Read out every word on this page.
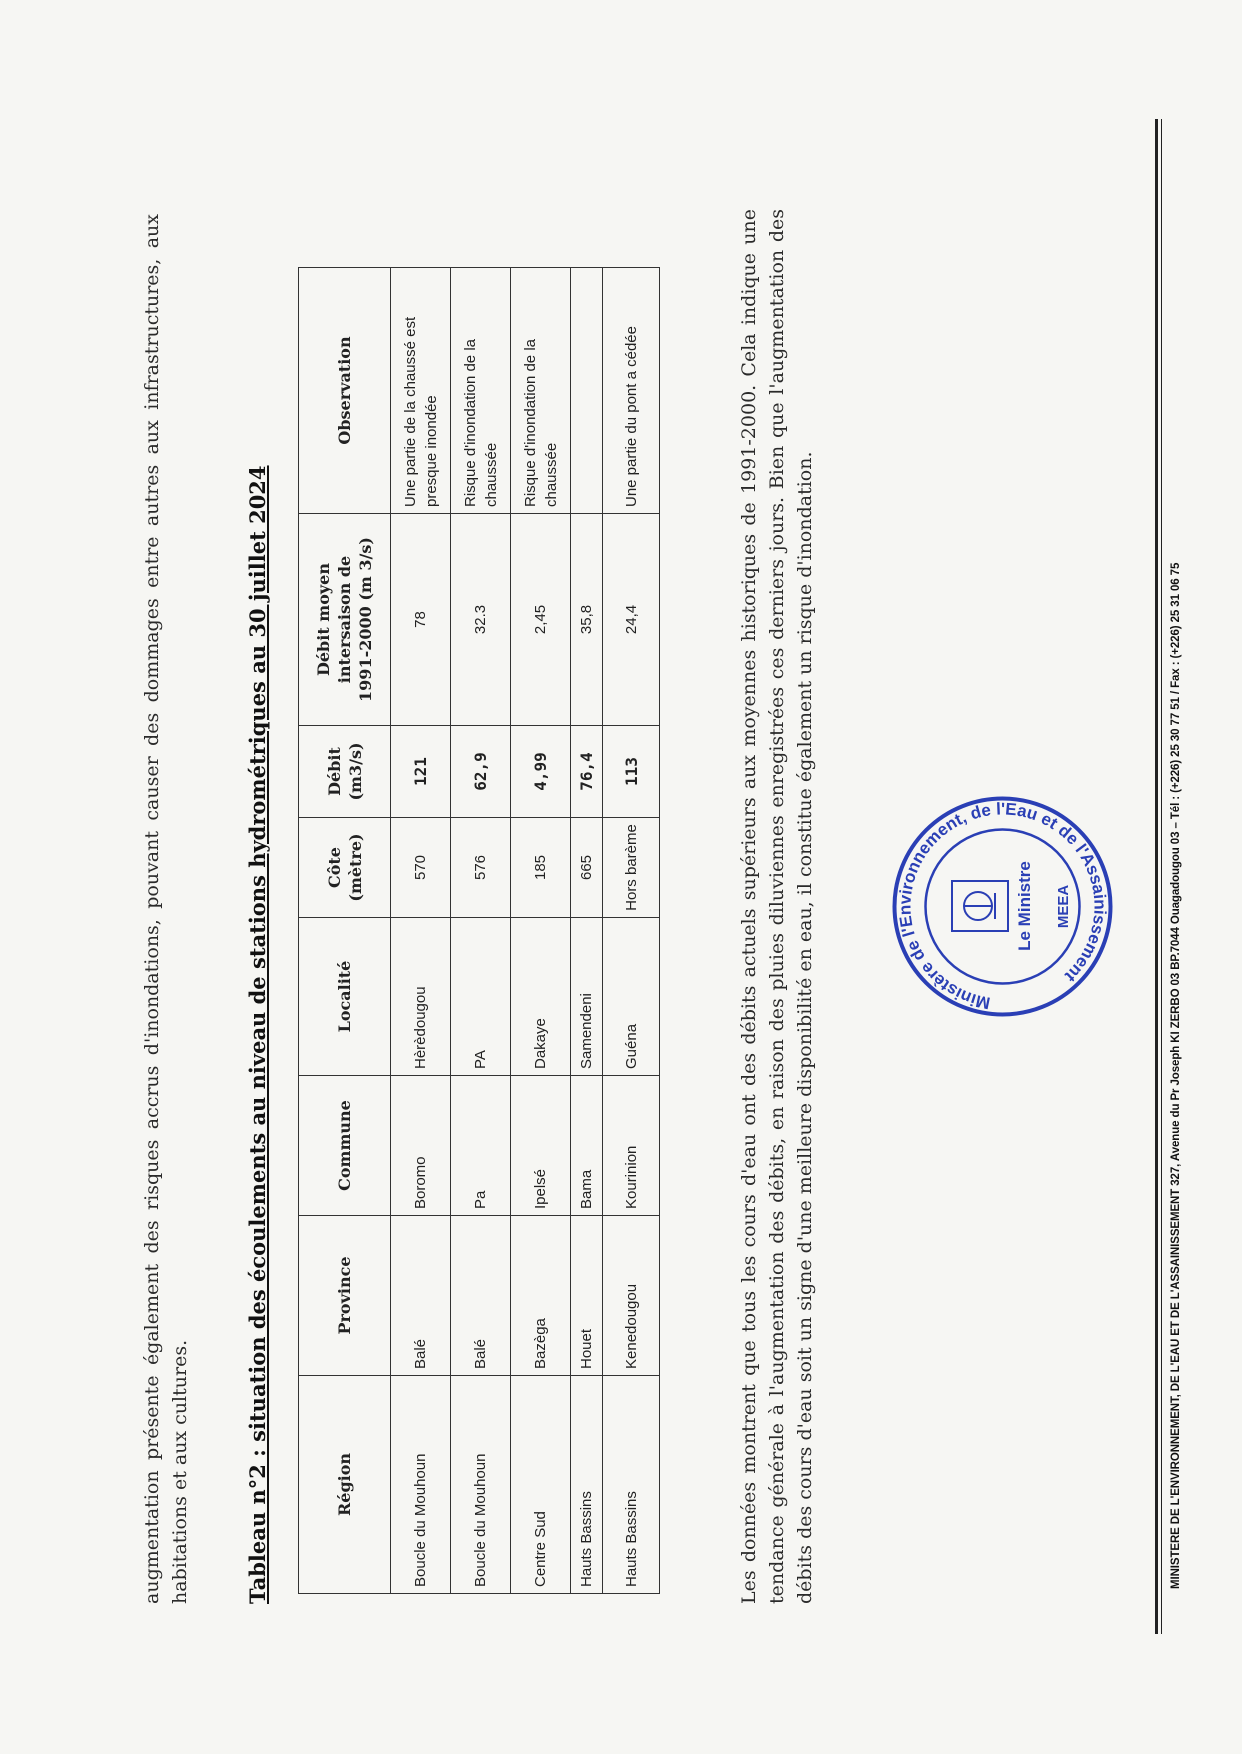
augmentation présente également des risques accrus d'inondations, pouvant causer des dommages entre autres aux infrastructures, aux habitations et aux cultures.	Tableau n°2 : situation des écoulements au niveau de stations hydrométriques au 30 juillet 2024	Région	Province	Commune	Localité	Côte (mètre)	Débit (m3/s)	Débit moyen intersaison de 1991-2000 (m 3/s)	Observation
Boucle du Mouhoun	Balé	Boromo	Hèrèdougou	570	121	78	Une partie de la chaussé est presque inondée
Boucle du Mouhoun	Balé	Pa	PA	576	62,9	32.3	Risque d'inondation de la chaussée
Centre Sud	Bazèga	Ipelsé	Dakaye	185	4,99	2,45	Risque d'inondation de la chaussée
Hauts Bassins	Houet	Bama	Samendeni	665	76,4	35,8	
Hauts Bassins	Kenedougou	Kourinion	Guéna	Hors barème	113	24,4	Une partie du pont a cédée	Les données montrent que tous les cours d'eau ont des débits actuels supérieurs aux moyennes historiques de 1991-2000. Cela indique une tendance générale à l'augmentation des débits, en raison des pluies diluviennes enregistrées ces derniers jours. Bien que l'augmentation des débits des cours d'eau soit un signe d'une meilleure disponibilité en eau, il constitue également un risque d'inondation.	Ministère de l'Environnement, de l'Eau et de l'Assainissement
MEEA
Le Ministre	MINISTERE DE L'ENVIRONNEMENT, DE L'EAU ET DE L'ASSAINISSEMENT 327, Avenue du Pr Joseph KI ZERBO 03 BP.7044 Ouagadougou 03 – Tél : (+226) 25 30 77 51 / Fax : (+226) 25 31 06 75
